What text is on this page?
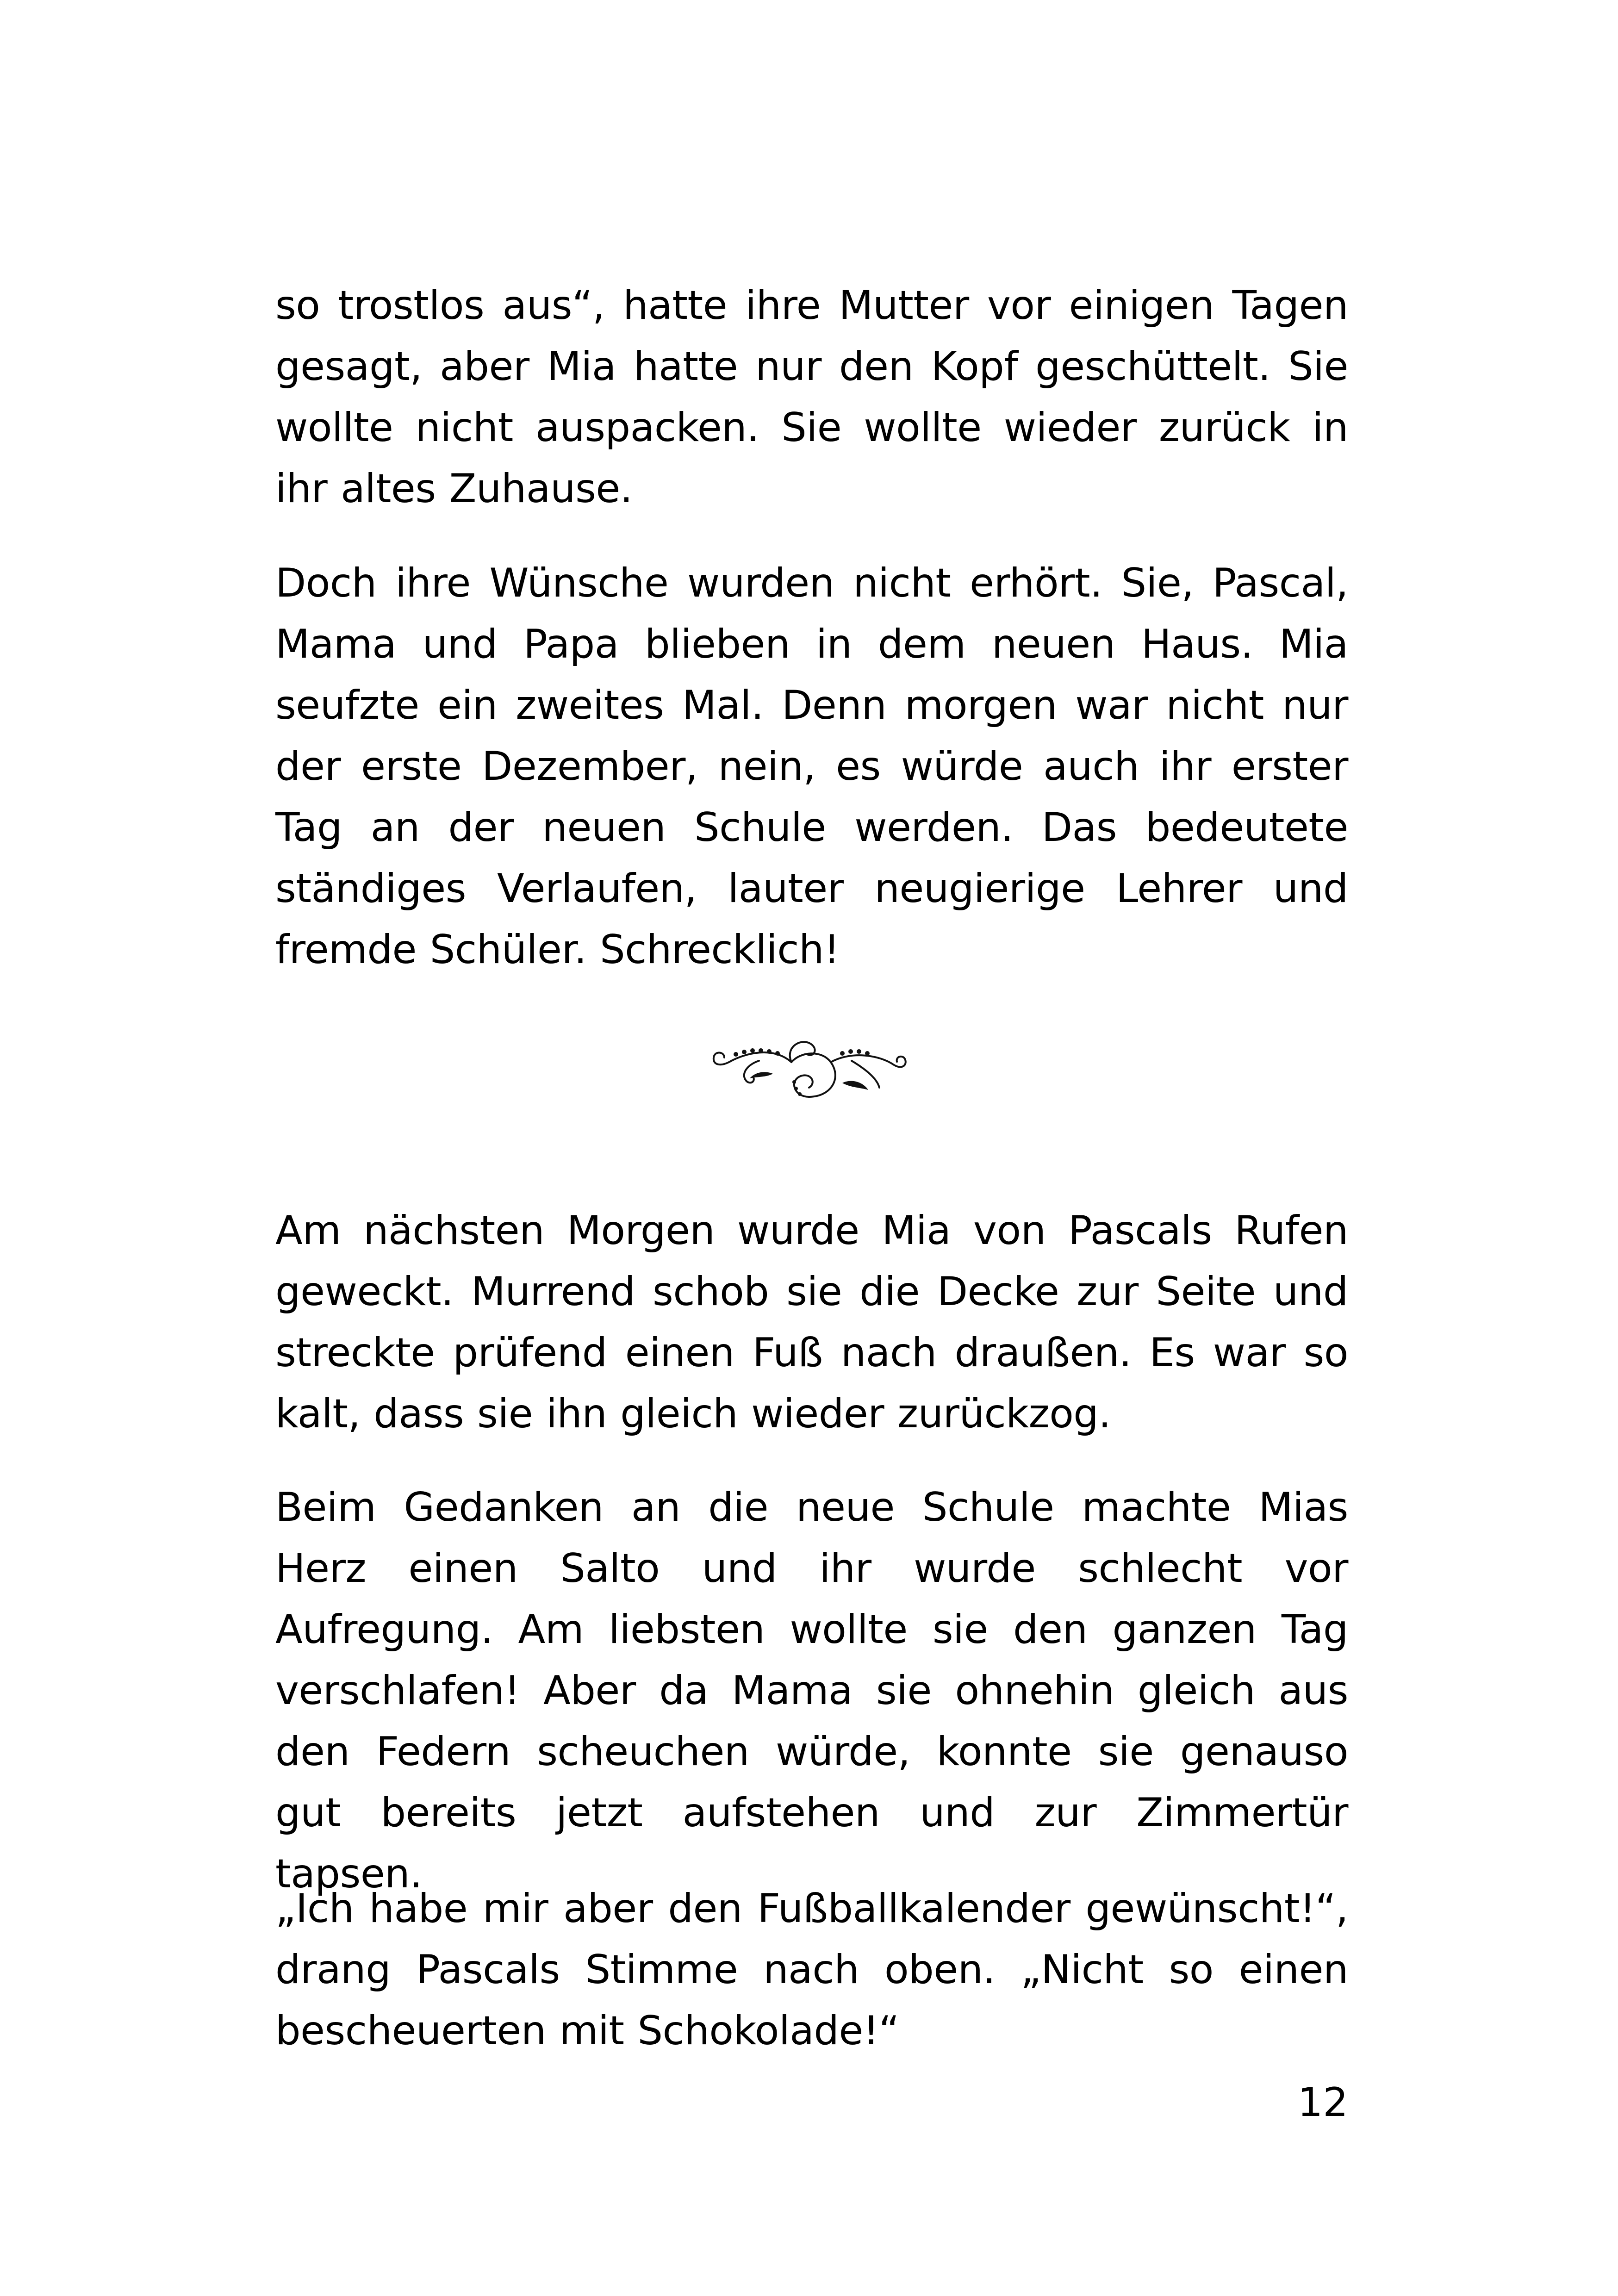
so trostlos aus“, hatte ihre Mutter vor einigen Tagen gesagt, aber Mia hatte nur den Kopf geschüttelt. Sie wollte nicht auspacken. Sie wollte wieder zurück in ihr altes Zuhause.

Doch ihre Wünsche wurden nicht erhört. Sie, Pascal, Mama und Papa blieben in dem neuen Haus. Mia seufzte ein zweites Mal. Denn morgen war nicht nur der erste Dezember, nein, es würde auch ihr erster Tag an der neuen Schule werden. Das bedeutete ständiges Verlaufen, lauter neugierige Lehrer und fremde Schüler. Schrecklich!

Am nächsten Morgen wurde Mia von Pascals Rufen geweckt. Murrend schob sie die Decke zur Seite und streckte prüfend einen Fuß nach draußen. Es war so kalt, dass sie ihn gleich wieder zurückzog.

Beim Gedanken an die neue Schule machte Mias Herz einen Salto und ihr wurde schlecht vor Aufregung. Am liebsten wollte sie den ganzen Tag verschlafen! Aber da Mama sie ohnehin gleich aus den Federn scheuchen würde, konnte sie genauso gut bereits jetzt aufstehen und zur Zimmertür tapsen.

„Ich habe mir aber den Fußballkalender gewünscht!“, drang Pascals Stimme nach oben. „Nicht so einen bescheuerten mit Schokolade!“

12
